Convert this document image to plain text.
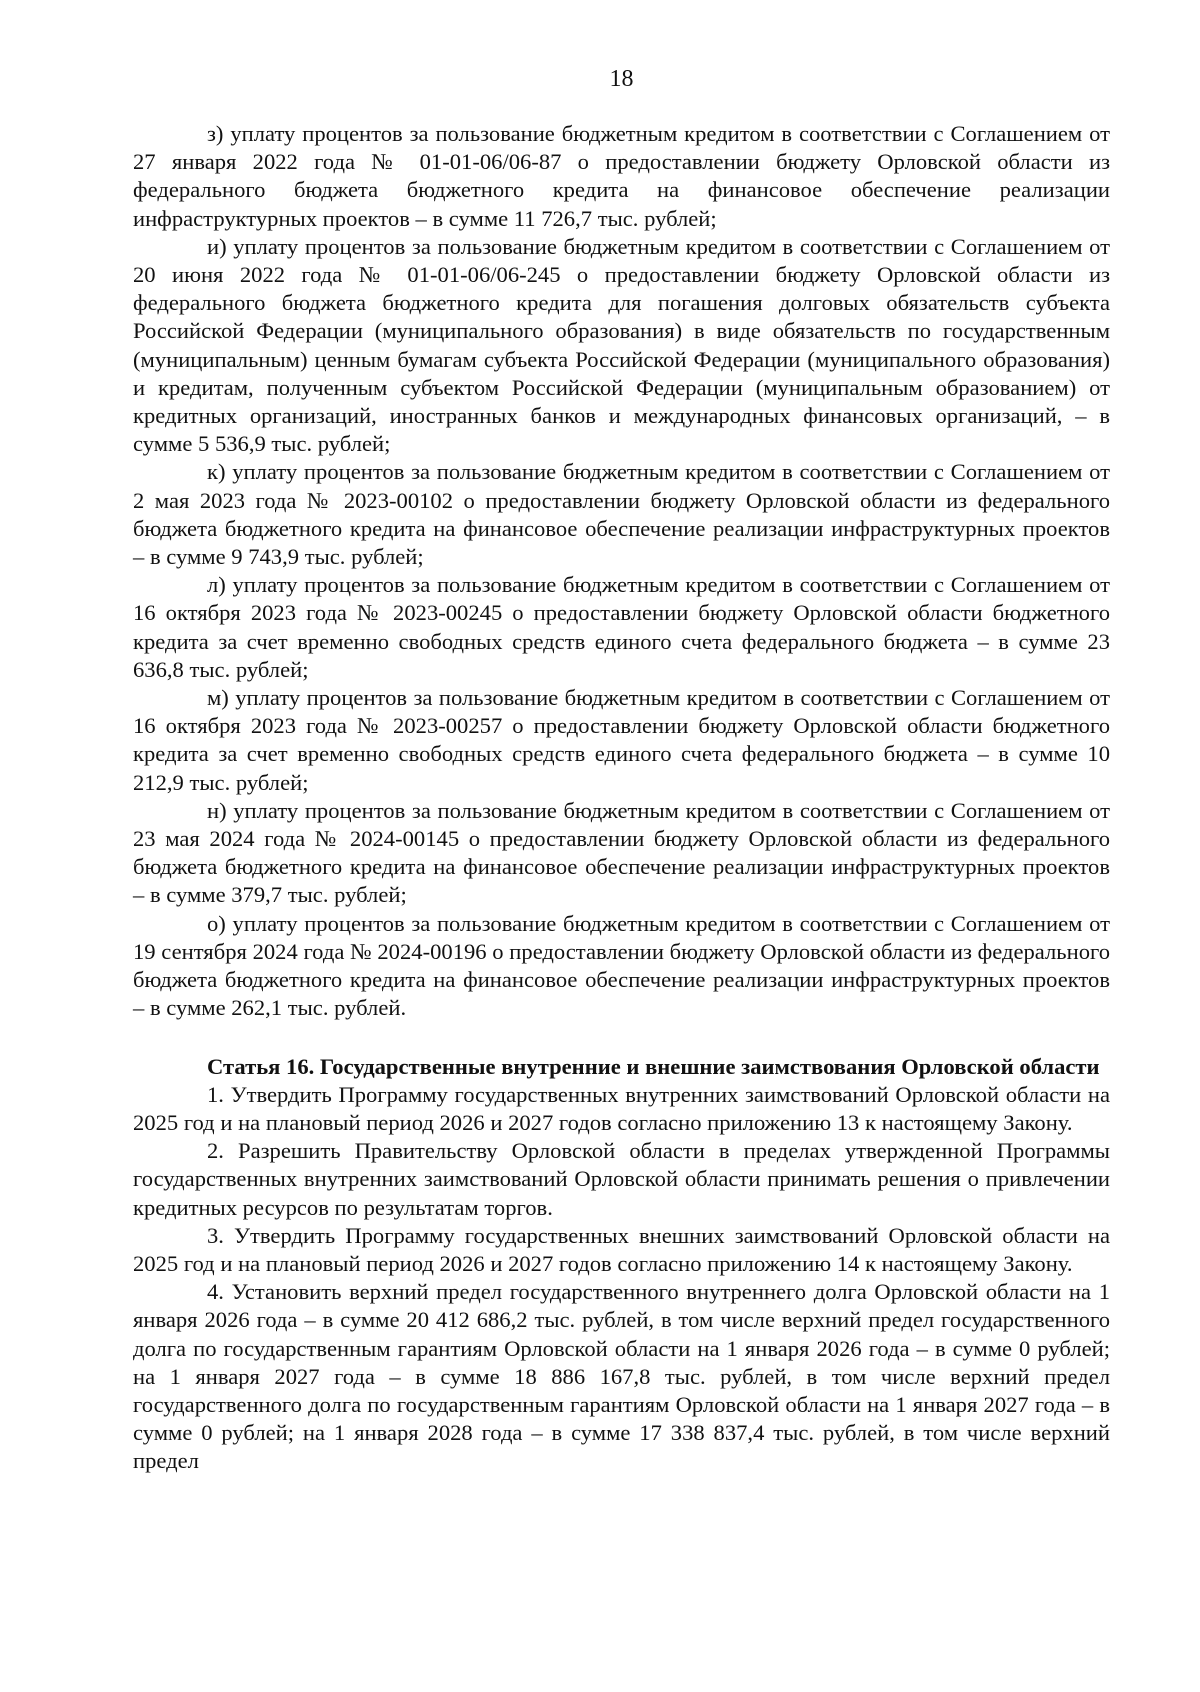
18

з) уплату процентов за пользование бюджетным кредитом в соответствии с Соглашением от 27 января 2022 года № 01-01-06/06-87 о предоставлении бюджету Орловской области из федерального бюджета бюджетного кредита на финансовое обеспечение реализации инфраструктурных проектов – в сумме 11 726,7 тыс. рублей;

и) уплату процентов за пользование бюджетным кредитом в соответствии с Соглашением от 20 июня 2022 года № 01-01-06/06-245 о предоставлении бюджету Орловской области из федерального бюджета бюджетного кредита для погашения долговых обязательств субъекта Российской Федерации (муниципального образования) в виде обязательств по государственным (муниципальным) ценным бумагам субъекта Российской Федерации (муниципального образования) и кредитам, полученным субъектом Российской Федерации (муниципальным образованием) от кредитных организаций, иностранных банков и международных финансовых организаций, – в сумме 5 536,9 тыс. рублей;

к) уплату процентов за пользование бюджетным кредитом в соответствии с Соглашением от 2 мая 2023 года № 2023-00102 о предоставлении бюджету Орловской области из федерального бюджета бюджетного кредита на финансовое обеспечение реализации инфраструктурных проектов – в сумме 9 743,9 тыс. рублей;

л) уплату процентов за пользование бюджетным кредитом в соответствии с Соглашением от 16 октября 2023 года № 2023-00245 о предоставлении бюджету Орловской области бюджетного кредита за счет временно свободных средств единого счета федерального бюджета – в сумме 23 636,8 тыс. рублей;

м) уплату процентов за пользование бюджетным кредитом в соответствии с Соглашением от 16 октября 2023 года № 2023-00257 о предоставлении бюджету Орловской области бюджетного кредита за счет временно свободных средств единого счета федерального бюджета – в сумме 10 212,9 тыс. рублей;

н) уплату процентов за пользование бюджетным кредитом в соответствии с Соглашением от 23 мая 2024 года № 2024-00145 о предоставлении бюджету Орловской области из федерального бюджета бюджетного кредита на финансовое обеспечение реализации инфраструктурных проектов – в сумме 379,7 тыс. рублей;

о) уплату процентов за пользование бюджетным кредитом в соответствии с Соглашением от 19 сентября 2024 года № 2024-00196 о предоставлении бюджету Орловской области из федерального бюджета бюджетного кредита на финансовое обеспечение реализации инфраструктурных проектов – в сумме 262,1 тыс. рублей.

Статья 16. Государственные внутренние и внешние заимствования Орловской области

1. Утвердить Программу государственных внутренних заимствований Орловской области на 2025 год и на плановый период 2026 и 2027 годов согласно приложению 13 к настоящему Закону.

2. Разрешить Правительству Орловской области в пределах утвержденной Программы государственных внутренних заимствований Орловской области принимать решения о привлечении кредитных ресурсов по результатам торгов.

3. Утвердить Программу государственных внешних заимствований Орловской области на 2025 год и на плановый период 2026 и 2027 годов согласно приложению 14 к настоящему Закону.

4. Установить верхний предел государственного внутреннего долга Орловской области на 1 января 2026 года – в сумме 20 412 686,2 тыс. рублей, в том числе верхний предел государственного долга по государственным гарантиям Орловской области на 1 января 2026 года – в сумме 0 рублей; на 1 января 2027 года – в сумме 18 886 167,8 тыс. рублей, в том числе верхний предел государственного долга по государственным гарантиям Орловской области на 1 января 2027 года – в сумме 0 рублей; на 1 января 2028 года – в сумме 17 338 837,4 тыс. рублей, в том числе верхний предел
